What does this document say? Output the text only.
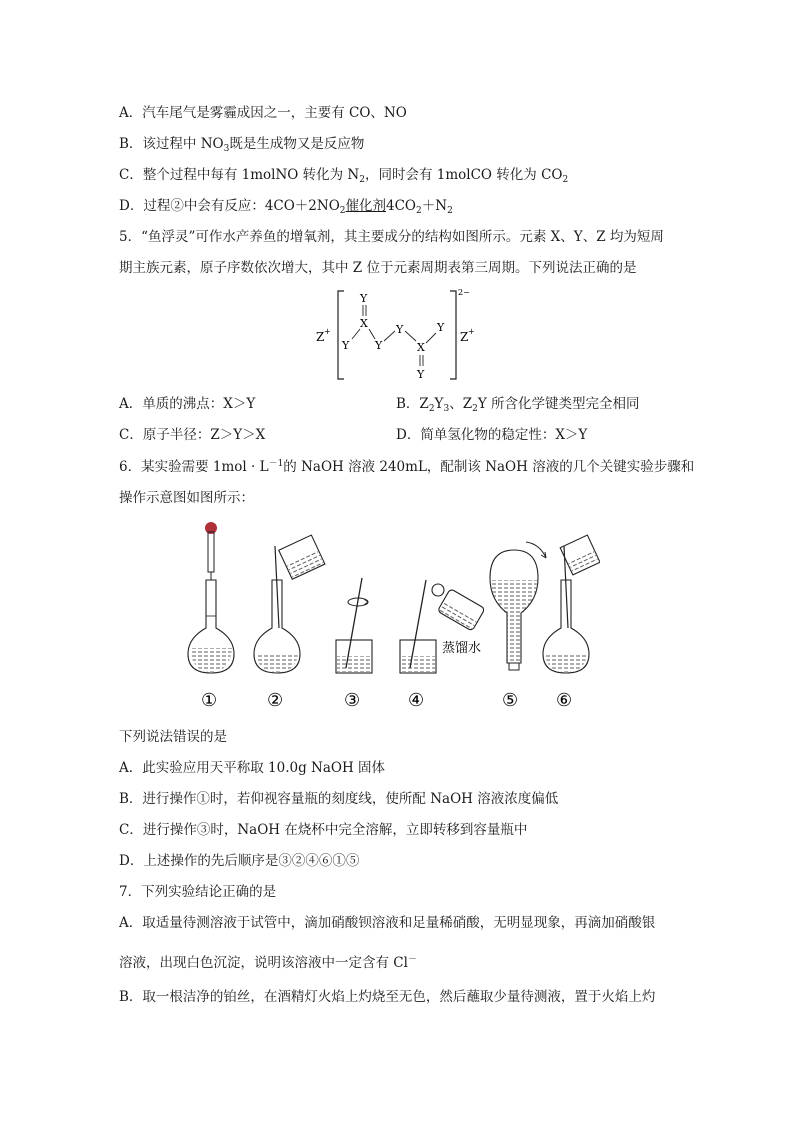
A．汽车尾气是雾霾成因之一，主要有 CO、NO
B．该过程中 $NO_3$既是生成物又是反应物
C．整个过程中每有 1molNO 转化为 $N_2$，同时会有 1molCO 转化为 $CO_2$
D．过程②中会有反应：$4CO+2NO_2$催化剂$4CO_2+N_2$
5．“鱼浮灵”可作水产养鱼的增氧剂，其主要成分的结构如图所示。元素 X、Y、Z 均为短周
期主族元素，原子序数依次增大，其中 Z 位于元素周期表第三周期。下列说法正确的是
Z +	Z +
2−
Y
X
Y Y
Y
X
Y
Y
A．单质的沸点：X＞Y	B．$Z_2Y_3$、$Z_2Y$ 所含化学键类型完全相同
C．原子半径：Z＞Y＞X	D．简单氢化物的稳定性：X＞Y
6．某实验需要 $1mol \cdot L^{-1}$的 NaOH 溶液 240mL，配制该 NaOH 溶液的几个关键实验步骤和
操作示意图如图所示：
蒸馏水
①	②	③	④	⑤ ⑥
下列说法错误的是
A．此实验应用天平称取 10.0g NaOH 固体
B．进行操作①时，若仰视容量瓶的刻度线，使所配 NaOH 溶液浓度偏低
C．进行操作③时，NaOH 在烧杯中完全溶解，立即转移到容量瓶中
D．上述操作的先后顺序是③②④⑥①⑤
7．下列实验结论正确的是
A．取适量待测溶液于试管中，滴加硝酸钡溶液和足量稀硝酸，无明显现象，再滴加硝酸银
溶液，出现白色沉淀，说明该溶液中一定含有 Cl－
B．取一根洁净的铂丝，在酒精灯火焰上灼烧至无色，然后蘸取少量待测液，置于火焰上灼
